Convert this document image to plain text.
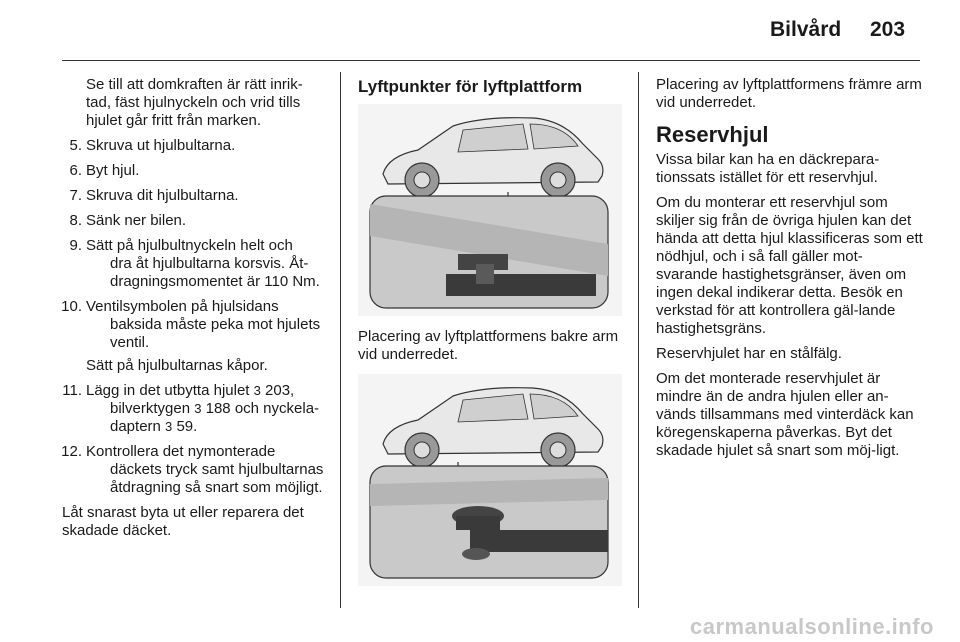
Bilvård 203
Se till att domkraften är rätt inrik-
tad, fäst hjulnyckeln och vrid tills
hjulet går fritt från marken.
5. Skruva ut hjulbultarna.
6. Byt hjul.
7. Skruva dit hjulbultarna.
8. Sänk ner bilen.
9. Sätt på hjulbultnyckeln helt och

dra åt hjulbultarna korsvis. Åt-
dragningsmomentet är 110 Nm.
10. Ventilsymbolen på hjulsidans

baksida måste peka mot hjulets
ventil.
Sätt på hjulbultarnas kåpor.
11. Lägg in det utbytta hjulet 3 203,
bilverktygen 3 188 och nyckela-
daptern 3 59.
12. Kontrollera det nymonterade

däckets tryck samt hjulbultarnas
åtdragning så snart som möjligt.
Låt snarast byta ut eller reparera det skadade däcket.
Lyftpunkter för lyftplattform
Placering av lyftplattformens bakre arm vid underredet.
Placering av lyftplattformens främre arm vid underredet.
Reservhjul
Vissa bilar kan ha en däckrepara-tionssats istället för ett reservhjul.
Om du monterar ett reservhjul som skiljer sig från de övriga hjulen kan det hända att detta hjul klassificeras som ett nödhjul, och i så fall gäller mot-svarande hastighetsgränser, även om ingen dekal indikerar detta. Besök en verkstad för att kontrollera gäl-lande hastighetsgräns.
Reservhjulet har en stålfälg.
Om det monterade reservhjulet är mindre än de andra hjulen eller an-vänds tillsammans med vinterdäck kan köregenskaperna påverkas. Byt det skadade hjulet så snart som möj-ligt.
carmanualsonline.info
